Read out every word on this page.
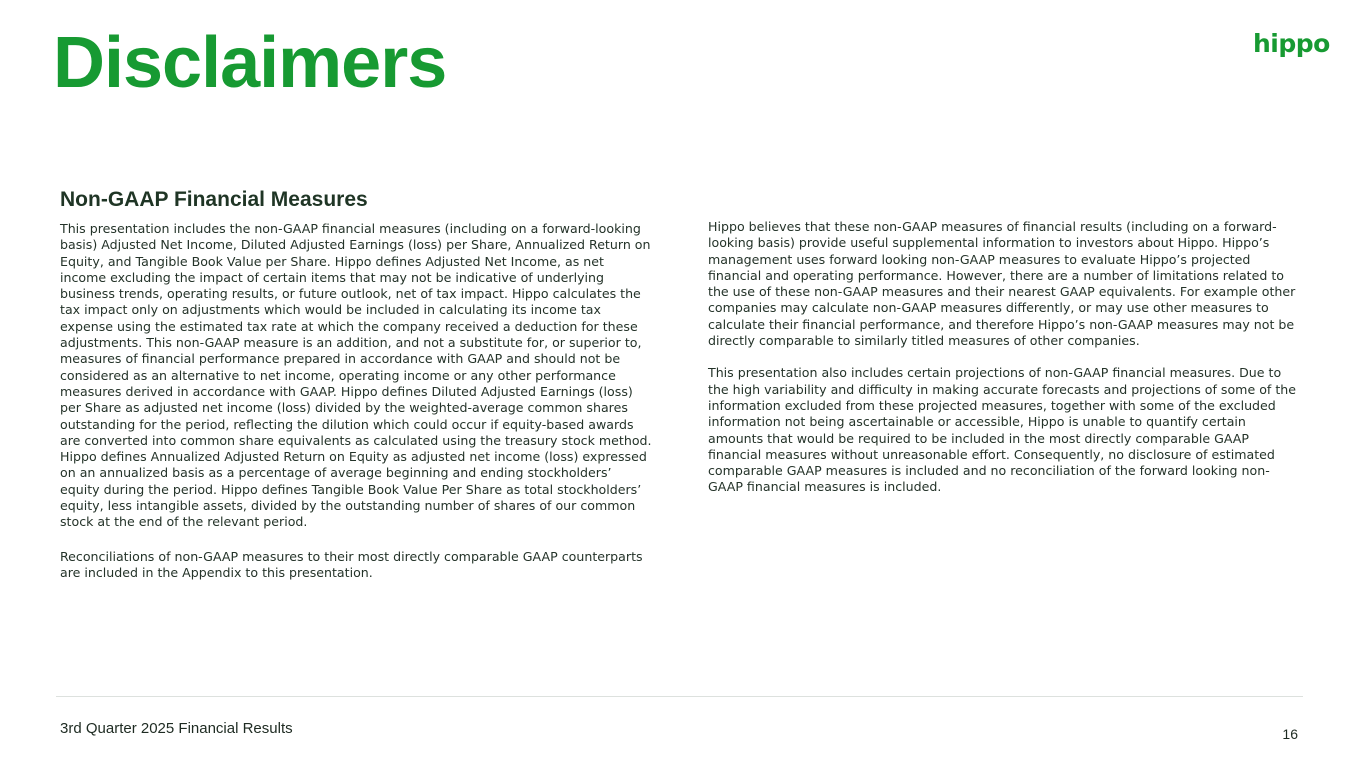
Disclaimers	hippo
Non-GAAP Financial Measures

This presentation includes the non-GAAP financial measures (including on a forward-looking basis) Adjusted Net Income, Diluted Adjusted Earnings (loss) per Share, Annualized Return on Equity, and Tangible Book Value per Share. Hippo defines Adjusted Net Income, as net income excluding the impact of certain items that may not be indicative of underlying business trends, operating results, or future outlook, net of tax impact. Hippo calculates the tax impact only on adjustments which would be included in calculating its income tax expense using the estimated tax rate at which the company received a deduction for these adjustments. This non-GAAP measure is an addition, and not a substitute for, or superior to, measures of financial performance prepared in accordance with GAAP and should not be considered as an alternative to net income, operating income or any other performance measures derived in accordance with GAAP. Hippo defines Diluted Adjusted Earnings (loss) per Share as adjusted net income (loss) divided by the weighted-average common shares outstanding for the period, reflecting the dilution which could occur if equity-based awards are converted into common share equivalents as calculated using the treasury stock method. Hippo defines Annualized Adjusted Return on Equity as adjusted net income (loss) expressed on an annualized basis as a percentage of average beginning and ending stockholders’ equity during the period. Hippo defines Tangible Book Value Per Share as total stockholders’ equity, less intangible assets, divided by the outstanding number of shares of our common stock at the end of the relevant period.

Reconciliations of non-GAAP measures to their most directly comparable GAAP counterparts are included in the Appendix to this presentation.

Hippo believes that these non-GAAP measures of financial results (including on a forward-looking basis) provide useful supplemental information to investors about Hippo. Hippo’s management uses forward looking non-GAAP measures to evaluate Hippo’s projected financial and operating performance. However, there are a number of limitations related to the use of these non-GAAP measures and their nearest GAAP equivalents. For example other companies may calculate non-GAAP measures differently, or may use other measures to calculate their financial performance, and therefore Hippo’s non-GAAP measures may not be directly comparable to similarly titled measures of other companies.

This presentation also includes certain projections of non-GAAP financial measures. Due to the high variability and difficulty in making accurate forecasts and projections of some of the information excluded from these projected measures, together with some of the excluded information not being ascertainable or accessible, Hippo is unable to quantify certain amounts that would be required to be included in the most directly comparable GAAP financial measures without unreasonable effort. Consequently, no disclosure of estimated comparable GAAP measures is included and no reconciliation of the forward looking non-GAAP financial measures is included.

3rd Quarter 2025 Financial Results	16
